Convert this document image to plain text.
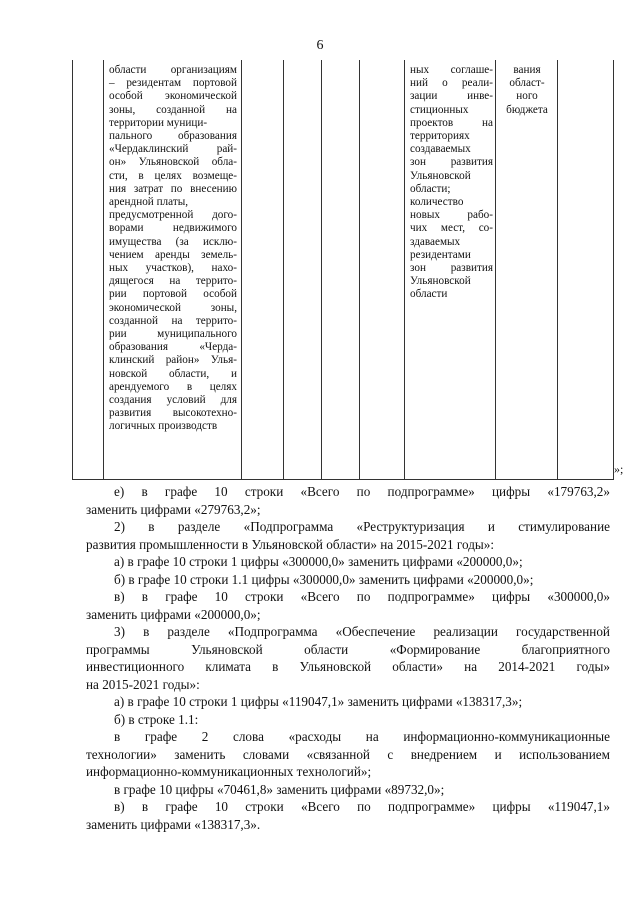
6
области организациям
– резидентам портовой
особой экономической
зоны, созданной на
территории муници-
пального образования
«Чердаклинский рай-
он» Ульяновской обла-
сти, в целях возмеще-
ния затрат по внесению
арендной платы,
предусмотренной дого-
ворами недвижимого
имущества (за исклю-
чением аренды земель-
ных участков), нахо-
дящегося на террито-
рии портовой особой
экономической зоны,
созданной на террито-
рии муниципального
образования «Черда-
клинский район» Улья-
новской области, и
арендуемого в целях
создания условий для
развития высокотехно-
логичных производств
ных соглаше-
ний о реали-
зации инве-
стиционных
проектов на
территориях
создаваемых
зон развития
Ульяновской
области;
количество
новых рабо-
чих мест, со-
здаваемых
резидентами
зон развития
Ульяновской
области
вания
област-
ного
бюджета
»;
е) в графе 10 строки «Всего по подпрограмме» цифры «179763,2»
заменить цифрами «279763,2»;
2) в разделе «Подпрограмма «Реструктуризация и стимулирование
развития промышленности в Ульяновской области» на 2015-2021 годы»:
а) в графе 10 строки 1 цифры «300000,0» заменить цифрами «200000,0»;
б) в графе 10 строки 1.1 цифры «300000,0» заменить цифрами «200000,0»;
в) в графе 10 строки «Всего по подпрограмме» цифры «300000,0»
заменить цифрами «200000,0»;
3) в разделе «Подпрограмма «Обеспечение реализации государственной
программы Ульяновской области «Формирование благоприятного
инвестиционного климата в Ульяновской области» на 2014-2021 годы»
на 2015-2021 годы»:
а) в графе 10 строки 1 цифры «119047,1» заменить цифрами «138317,3»;
б) в строке 1.1:
в графе 2 слова «расходы на информационно-коммуникационные
технологии» заменить словами «связанной с внедрением и использованием
информационно-коммуникационных технологий»;
в графе 10 цифры «70461,8» заменить цифрами «89732,0»;
в) в графе 10 строки «Всего по подпрограмме» цифры «119047,1»
заменить цифрами «138317,3».
